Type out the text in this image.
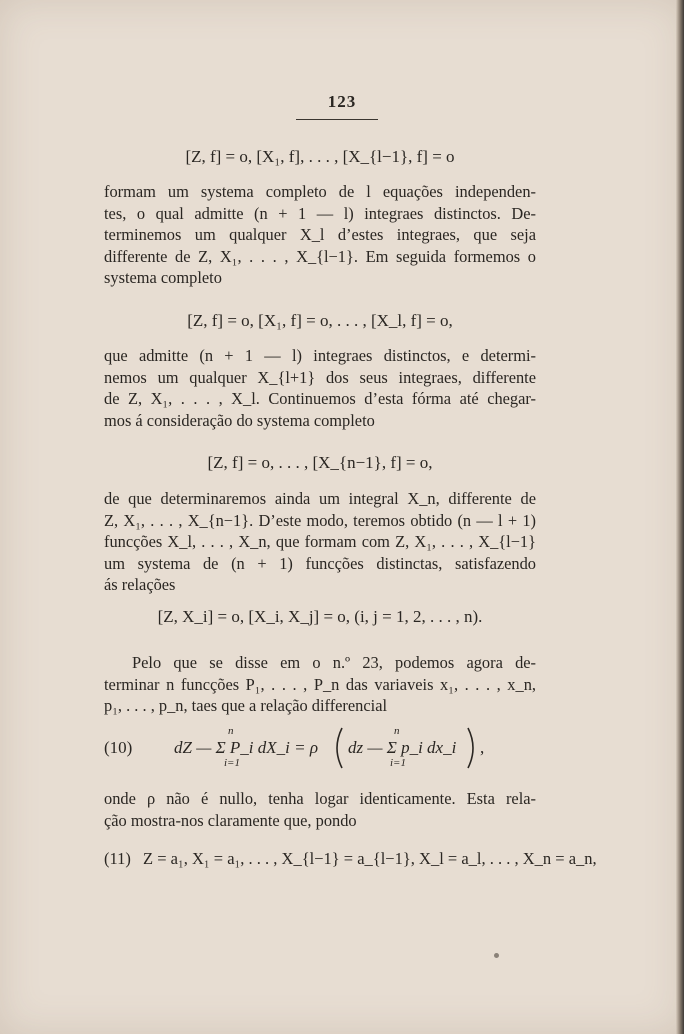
123
[Z, f] = o, [X₁, f], . . . , [X_{l−1}, f] = o
formam um systema completo de l equações independen-
tes, o qual admitte (n + 1 — l) integraes distinctos. De-
terminemos um qualquer X_l d’estes integraes, que seja
differente de Z, X₁, . . . , X_{l−1}. Em seguida formemos o
systema completo
[Z, f] = o, [X₁, f] = o, . . . , [X_l, f] = o,
que admitte (n + 1 — l) integraes distinctos, e determi-
nemos um qualquer X_{l+1} dos seus integraes, differente
de Z, X₁, . . . , X_l. Continuemos d’esta fórma até chegar-
mos á consideração do systema completo
[Z, f] = o, . . . , [X_{n−1}, f] = o,
de que determinaremos ainda um integral X_n, differente de
Z, X₁, . . . , X_{n−1}. D’este modo, teremos obtido (n — l + 1)
funcções X_l, . . . , X_n, que formam com Z, X₁, . . . , X_{l−1}
um systema de (n + 1) funcções distinctas, satisfazendo
ás relações
[Z, X_i] = o, [X_i, X_j] = o, (i, j = 1, 2, . . . , n).
Pelo que se disse em o n.º 23, podemos agora de-
terminar n funcções P₁, . . . , P_n das variaveis x₁, . . . , x_n,
p₁, . . . , p_n, taes que a relação differencial
(10) dZ — Σ P_i dX_i = ρ
n
i=1
dz — Σ p_i dx_i
n
i=1
,
onde ρ não é nullo, tenha logar identicamente. Esta rela-
ção mostra-nos claramente que, pondo
(11) Z = a₁, X₁ = a₁, . . . , X_{l−1} = a_{l−1}, X_l = a_l, . . . , X_n = a_n,
